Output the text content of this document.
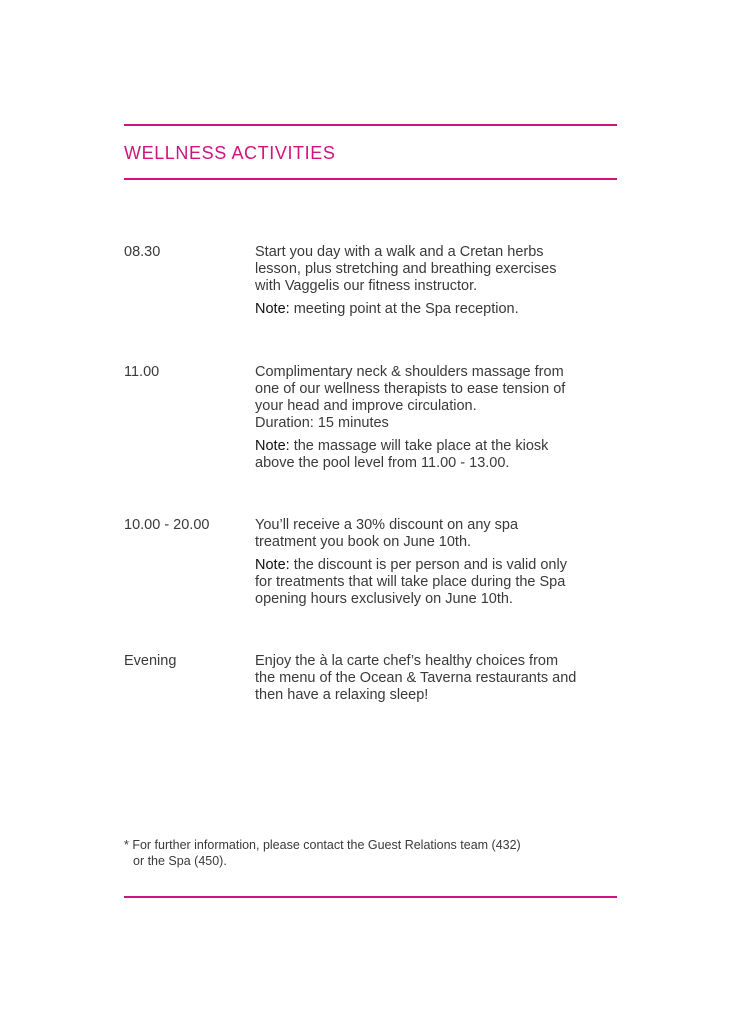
WELLNESS ACTIVITIES
08.30	Start you day with a walk and a Cretan herbs

lesson, plus stretching and breathing exercises

with Vaggelis our fitness instructor.

Note: meeting point at the Spa reception.

11.00	Complimentary neck & shoulders massage from

one of our wellness therapists to ease tension of

your head and improve circulation.

Duration: 15 minutes

Note: the massage will take place at the kiosk

above the pool level from 11.00 - 13.00.

10.00 - 20.00	You’ll receive a 30% discount on any spa

treatment you book on June 10th.

Note: the discount is per person and is valid only

for treatments that will take place during the Spa

opening hours exclusively on June 10th.

Evening	Enjoy the à la carte chef’s healthy choices from

the menu of the Ocean & Taverna restaurants and

then have a relaxing sleep!

* For further information, please contact the Guest Relations team (432)
or the Spa (450).
